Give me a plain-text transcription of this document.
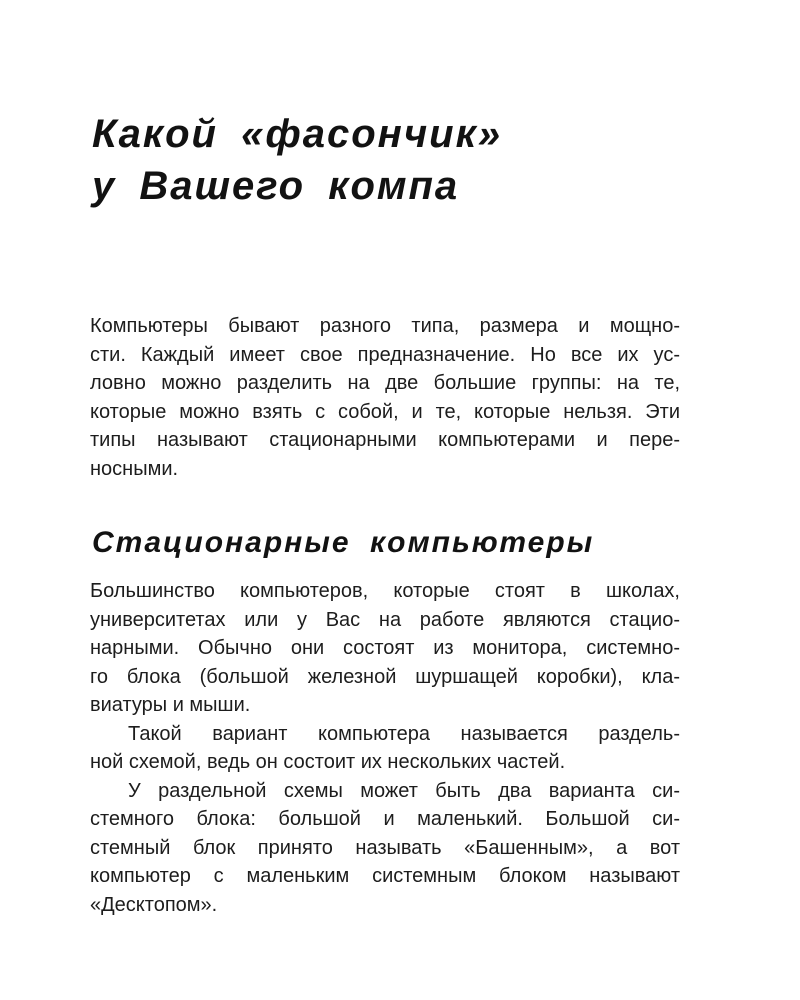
Какой «фасончик»
у Вашего компа
Компьютеры бывают разного типа, размера и мощно-
сти. Каждый имеет свое предназначение. Но все их ус-
ловно можно разделить на две большие группы: на те,
которые можно взять с собой, и те, которые нельзя. Эти
типы называют стационарными компьютерами и пере-
носными.
Стационарные компьютеры
Большинство компьютеров, которые стоят в школах,
университетах или у Вас на работе являются стацио-
нарными. Обычно они состоят из монитора, системно-
го блока (большой железной шуршащей коробки), кла-
виатуры и мыши.
Такой вариант компьютера называется раздель-
ной схемой, ведь он состоит их нескольких частей.
У раздельной схемы может быть два варианта си-
стемного блока: большой и маленький. Большой си-
стемный блок принято называть «Башенным», а вот
компьютер с маленьким системным блоком называют
«Десктопом».
